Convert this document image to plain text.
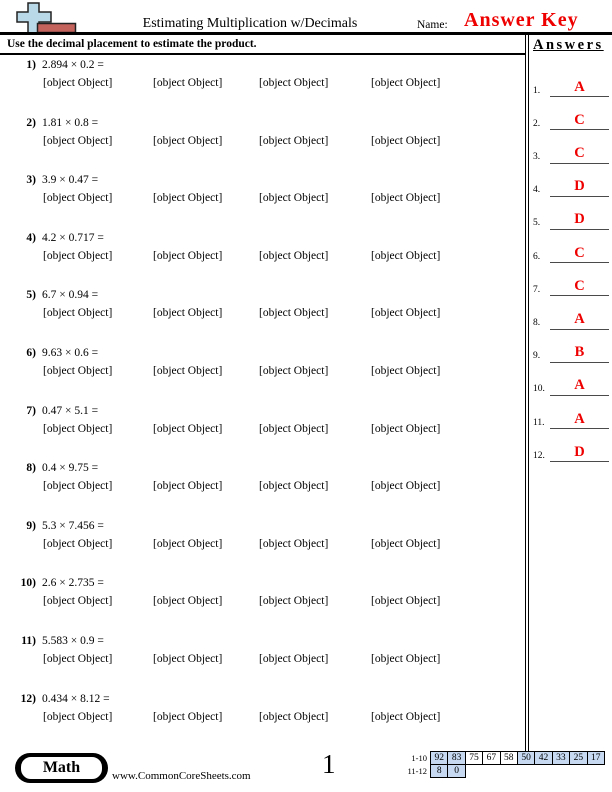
Estimating Multiplication w/Decimals	Name: Answer Key
Use the decimal placement to estimate the product.
1) 2.894 × 0.2 =
[object Object]	[object Object]	[object Object]	[object Object]
2) 1.81 × 0.8 =
[object Object]	[object Object]	[object Object]	[object Object]
3) 3.9 × 0.47 =
[object Object]	[object Object]	[object Object]	[object Object]
4) 4.2 × 0.717 =
[object Object]	[object Object]	[object Object]	[object Object]
5) 6.7 × 0.94 =
[object Object]	[object Object]	[object Object]	[object Object]
6) 9.63 × 0.6 =
[object Object]	[object Object]	[object Object]	[object Object]
7) 0.47 × 5.1 =
[object Object]	[object Object]	[object Object]	[object Object]
8) 0.4 × 9.75 =
[object Object]	[object Object]	[object Object]	[object Object]
9) 5.3 × 7.456 =
[object Object]	[object Object]	[object Object]	[object Object]
10) 2.6 × 2.735 =
[object Object]	[object Object]	[object Object]	[object Object]
11) 5.583 × 0.9 =
[object Object]	[object Object]	[object Object]	[object Object]
12) 0.434 × 8.12 =
[object Object]	[object Object]	[object Object]	[object Object]
Answers
1.	A
2.	C
3.	C
4.	D
5.	D
6.	C
7.	C
8.	A
9.	B
10.	A
11.	A
12.	D
Math	www.CommonCoreSheets.com	1	1-10 92 83 75 67 58 50 42 33 25 17
11-12	8	0
